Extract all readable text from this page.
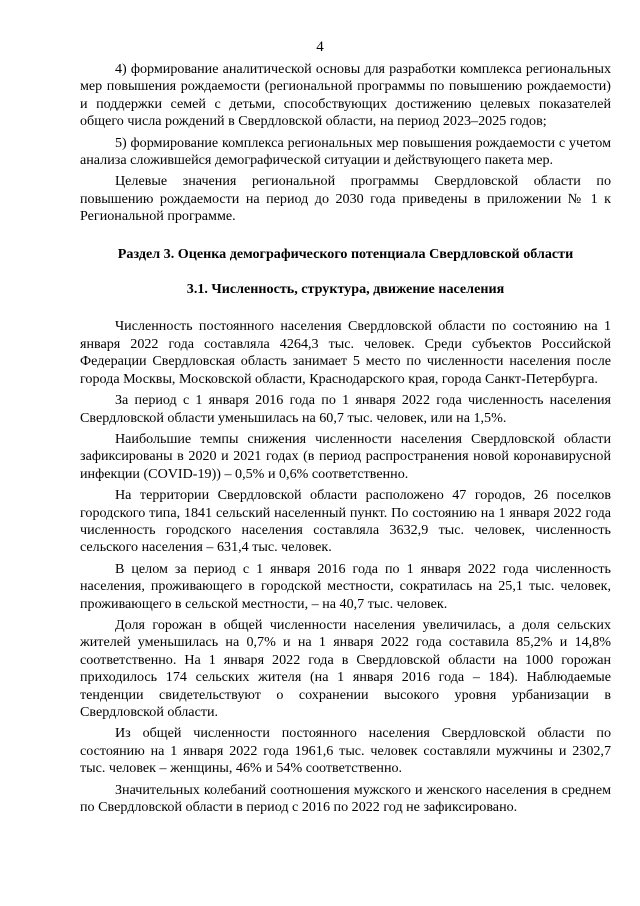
4

4) формирование аналитической основы для разработки комплекса региональных мер повышения рождаемости (региональной программы по повышению рождаемости) и поддержки семей с детьми, способствующих достижению целевых показателей общего числа рождений в Свердловской области, на период 2023–2025 годов;

5) формирование комплекса региональных мер повышения рождаемости с учетом анализа сложившейся демографической ситуации и действующего пакета мер.

Целевые значения региональной программы Свердловской области по повышению рождаемости на период до 2030 года приведены в приложении № 1 к Региональной программе.

Раздел 3. Оценка демографического потенциала Свердловской области
3.1. Численность, структура, движение населения

Численность постоянного населения Свердловской области по состоянию на 1 января 2022 года составляла 4264,3 тыс. человек. Среди субъектов Российской Федерации Свердловская область занимает 5 место по численности населения после города Москвы, Московской области, Краснодарского края, города Санкт-Петербурга.

За период с 1 января 2016 года по 1 января 2022 года численность населения Свердловской области уменьшилась на 60,7 тыс. человек, или на 1,5%.

Наибольшие темпы снижения численности населения Свердловской области зафиксированы в 2020 и 2021 годах (в период распространения новой коронавирусной инфекции (COVID-19)) – 0,5% и 0,6% соответственно.

На территории Свердловской области расположено 47 городов, 26 поселков городского типа, 1841 сельский населенный пункт. По состоянию на 1 января 2022 года численность городского населения составляла 3632,9 тыс. человек, численность сельского населения – 631,4 тыс. человек.

В целом за период с 1 января 2016 года по 1 января 2022 года численность населения, проживающего в городской местности, сократилась на 25,1 тыс. человек, проживающего в сельской местности, – на 40,7 тыс. человек.

Доля горожан в общей численности населения увеличилась, а доля сельских жителей уменьшилась на 0,7% и на 1 января 2022 года составила 85,2% и 14,8% соответственно. На 1 января 2022 года в Свердловской области на 1000 горожан приходилось 174 сельских жителя (на 1 января 2016 года – 184). Наблюдаемые тенденции свидетельствуют о сохранении высокого уровня урбанизации в Свердловской области.

Из общей численности постоянного населения Свердловской области по состоянию на 1 января 2022 года 1961,6 тыс. человек составляли мужчины и 2302,7 тыс. человек – женщины, 46% и 54% соответственно.

Значительных колебаний соотношения мужского и женского населения в среднем по Свердловской области в период с 2016 по 2022 год не зафиксировано.
